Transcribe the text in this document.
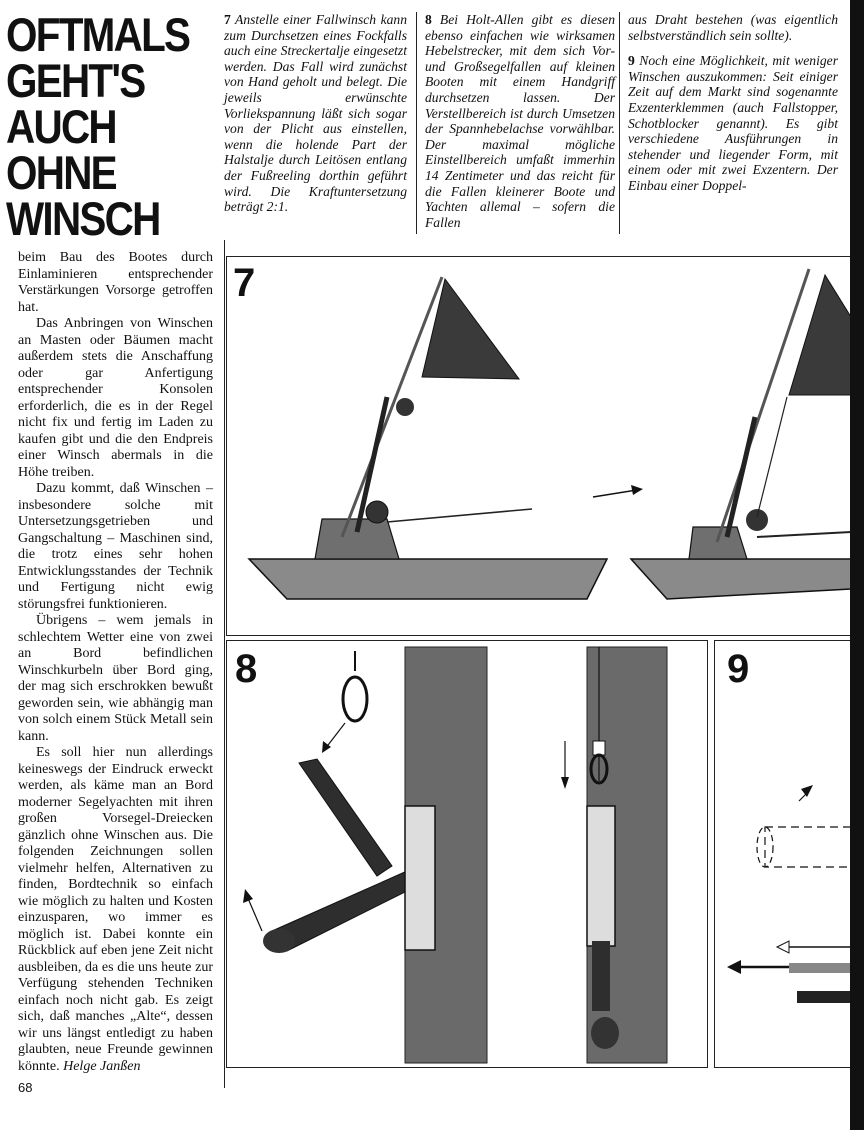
OFTMALS
GEHT'S
AUCH
OHNE
WINSCH
7 Anstelle einer Fallwinsch kann zum Durchsetzen eines Fockfalls auch eine Streckertalje eingesetzt werden. Das Fall wird zunächst von Hand geholt und belegt. Die jeweils erwünschte Vorliekspannung läßt sich sogar von der Plicht aus einstellen, wenn die holende Part der Halstalje durch Leitösen entlang der Fußreeling dorthin geführt wird. Die Kraftuntersetzung beträgt 2:1.
8 Bei Holt-Allen gibt es diesen ebenso einfachen wie wirksamen Hebelstrecker, mit dem sich Vor- und Großsegelfallen auf kleinen Booten mit einem Handgriff durchsetzen lassen. Der Verstellbereich ist durch Umsetzen der Spannhebelachse vorwählbar. Der maximal mögliche Einstellbereich umfaßt immerhin 14 Zentimeter und das reicht für die Fallen kleinerer Boote und Yachten allemal – sofern die Fallen

aus Draht bestehen (was eigentlich selbstverständlich sein sollte).

9 Noch eine Möglichkeit, mit weniger Winschen auszukommen: Seit einiger Zeit auf dem Markt sind sogenannte Exzenterklemmen (auch Fallstopper, Schotblocker genannt). Es gibt verschiedene Ausführungen in stehender und liegender Form, mit einem oder mit zwei Exzentern. Der Einbau einer Doppel-

beim Bau des Bootes durch Einlaminieren entsprechender Verstärkungen Vorsorge getroffen hat.

Das Anbringen von Winschen an Masten oder Bäumen macht außerdem stets die Anschaffung oder gar Anfertigung entsprechender Konsolen erforderlich, die es in der Regel nicht fix und fertig im Laden zu kaufen gibt und die den Endpreis einer Winsch abermals in die Höhe treiben.

Dazu kommt, daß Winschen – insbesondere solche mit Untersetzungsgetrieben und Gangschaltung – Maschinen sind, die trotz eines sehr hohen Entwicklungsstandes der Technik und Fertigung nicht ewig störungsfrei funktionieren.

Übrigens – wem jemals in schlechtem Wetter eine von zwei an Bord befindlichen Winschkurbeln über Bord ging, der mag sich erschrokken bewußt geworden sein, wie abhängig man von solch einem Stück Metall sein kann.

Es soll hier nun allerdings keineswegs der Eindruck erweckt werden, als käme man an Bord moderner Segelyachten mit ihren großen Vorsegel-Dreiecken gänzlich ohne Winschen aus. Die folgenden Zeichnungen sollen vielmehr helfen, Alternativen zu finden, Bordtechnik so einfach wie möglich zu halten und Kosten einzusparen, wo immer es möglich ist. Dabei konnte ein Rückblick auf eben jene Zeit nicht ausbleiben, da es die uns heute zur Verfügung stehenden Techniken einfach noch nicht gab. Es zeigt sich, daß manches „Alte“, dessen wir uns längst entledigt zu haben glaubten, neue Freunde gewinnen könnte. Helge Janßen

7
8	9
68
